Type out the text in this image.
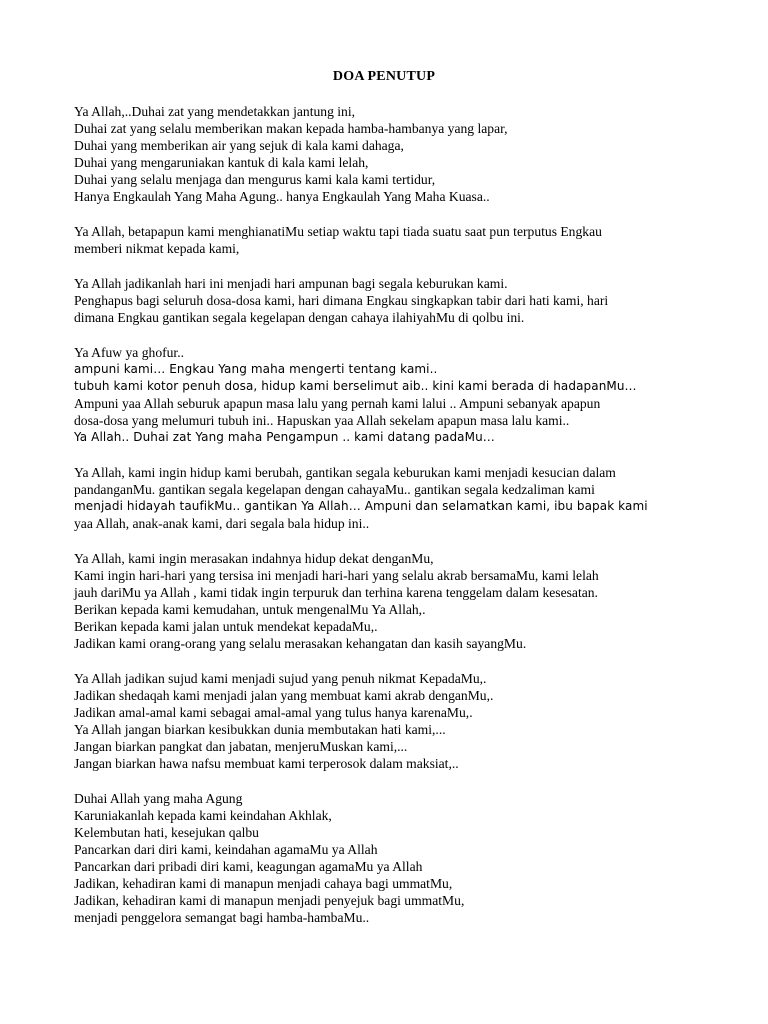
DOA PENUTUP
Ya Allah,..Duhai zat yang mendetakkan jantung ini,
Duhai zat yang selalu memberikan makan kepada hamba-hambanya yang lapar,
Duhai yang memberikan air yang sejuk di kala kami dahaga,
Duhai yang mengaruniakan kantuk di kala kami lelah,
Duhai yang selalu menjaga dan mengurus kami kala kami tertidur,
Hanya Engkaulah Yang Maha Agung.. hanya Engkaulah Yang Maha Kuasa..
Ya Allah, betapapun kami menghianatiMu setiap waktu tapi tiada suatu saat pun terputus Engkau
memberi nikmat kepada kami,
Ya Allah jadikanlah hari ini menjadi hari ampunan bagi segala keburukan kami.
Penghapus bagi seluruh dosa-dosa kami, hari dimana Engkau singkapkan tabir dari hati kami, hari
dimana Engkau gantikan segala kegelapan dengan cahaya ilahiyahMu di qolbu ini.
Ya Afuw ya ghofur..
ampuni kami… Engkau Yang maha mengerti tentang kami..
tubuh kami kotor penuh dosa, hidup kami berselimut aib.. kini kami berada di hadapanMu…
Ampuni yaa Allah seburuk apapun masa lalu yang pernah kami lalui .. Ampuni sebanyak apapun
dosa-dosa yang melumuri tubuh ini.. Hapuskan yaa Allah sekelam apapun masa lalu kami..
Ya Allah.. Duhai zat Yang maha Pengampun .. kami datang padaMu…
Ya Allah, kami ingin hidup kami berubah, gantikan segala keburukan kami menjadi kesucian dalam
pandanganMu. gantikan segala kegelapan dengan cahayaMu.. gantikan segala kedzaliman kami
menjadi hidayah taufikMu.. gantikan Ya Allah… Ampuni dan selamatkan kami, ibu bapak kami
yaa Allah, anak-anak kami, dari segala bala hidup ini..
Ya Allah, kami ingin merasakan indahnya hidup dekat denganMu,
Kami ingin hari-hari yang tersisa ini menjadi hari-hari yang selalu akrab bersamaMu, kami lelah
jauh dariMu ya Allah , kami tidak ingin terpuruk dan terhina karena tenggelam dalam kesesatan.
Berikan kepada kami kemudahan, untuk mengenalMu Ya Allah,.
Berikan kepada kami jalan untuk mendekat kepadaMu,.
Jadikan kami orang-orang yang selalu merasakan kehangatan dan kasih sayangMu.
Ya Allah jadikan sujud kami menjadi sujud yang penuh nikmat KepadaMu,.
Jadikan shedaqah kami menjadi jalan yang membuat kami akrab denganMu,.
Jadikan amal-amal kami sebagai amal-amal yang tulus hanya karenaMu,.
Ya Allah jangan biarkan kesibukkan dunia membutakan hati kami,...
Jangan biarkan pangkat dan jabatan, menjeruMuskan kami,...
Jangan biarkan hawa nafsu membuat kami terperosok dalam maksiat,..
Duhai Allah yang maha Agung
Karuniakanlah kepada kami keindahan Akhlak,
Kelembutan hati, kesejukan qalbu
Pancarkan dari diri kami, keindahan agamaMu ya Allah
Pancarkan dari pribadi diri kami, keagungan agamaMu ya Allah
Jadikan, kehadiran kami di manapun menjadi cahaya bagi ummatMu,
Jadikan, kehadiran kami di manapun menjadi penyejuk bagi ummatMu,
menjadi penggelora semangat bagi hamba-hambaMu..
